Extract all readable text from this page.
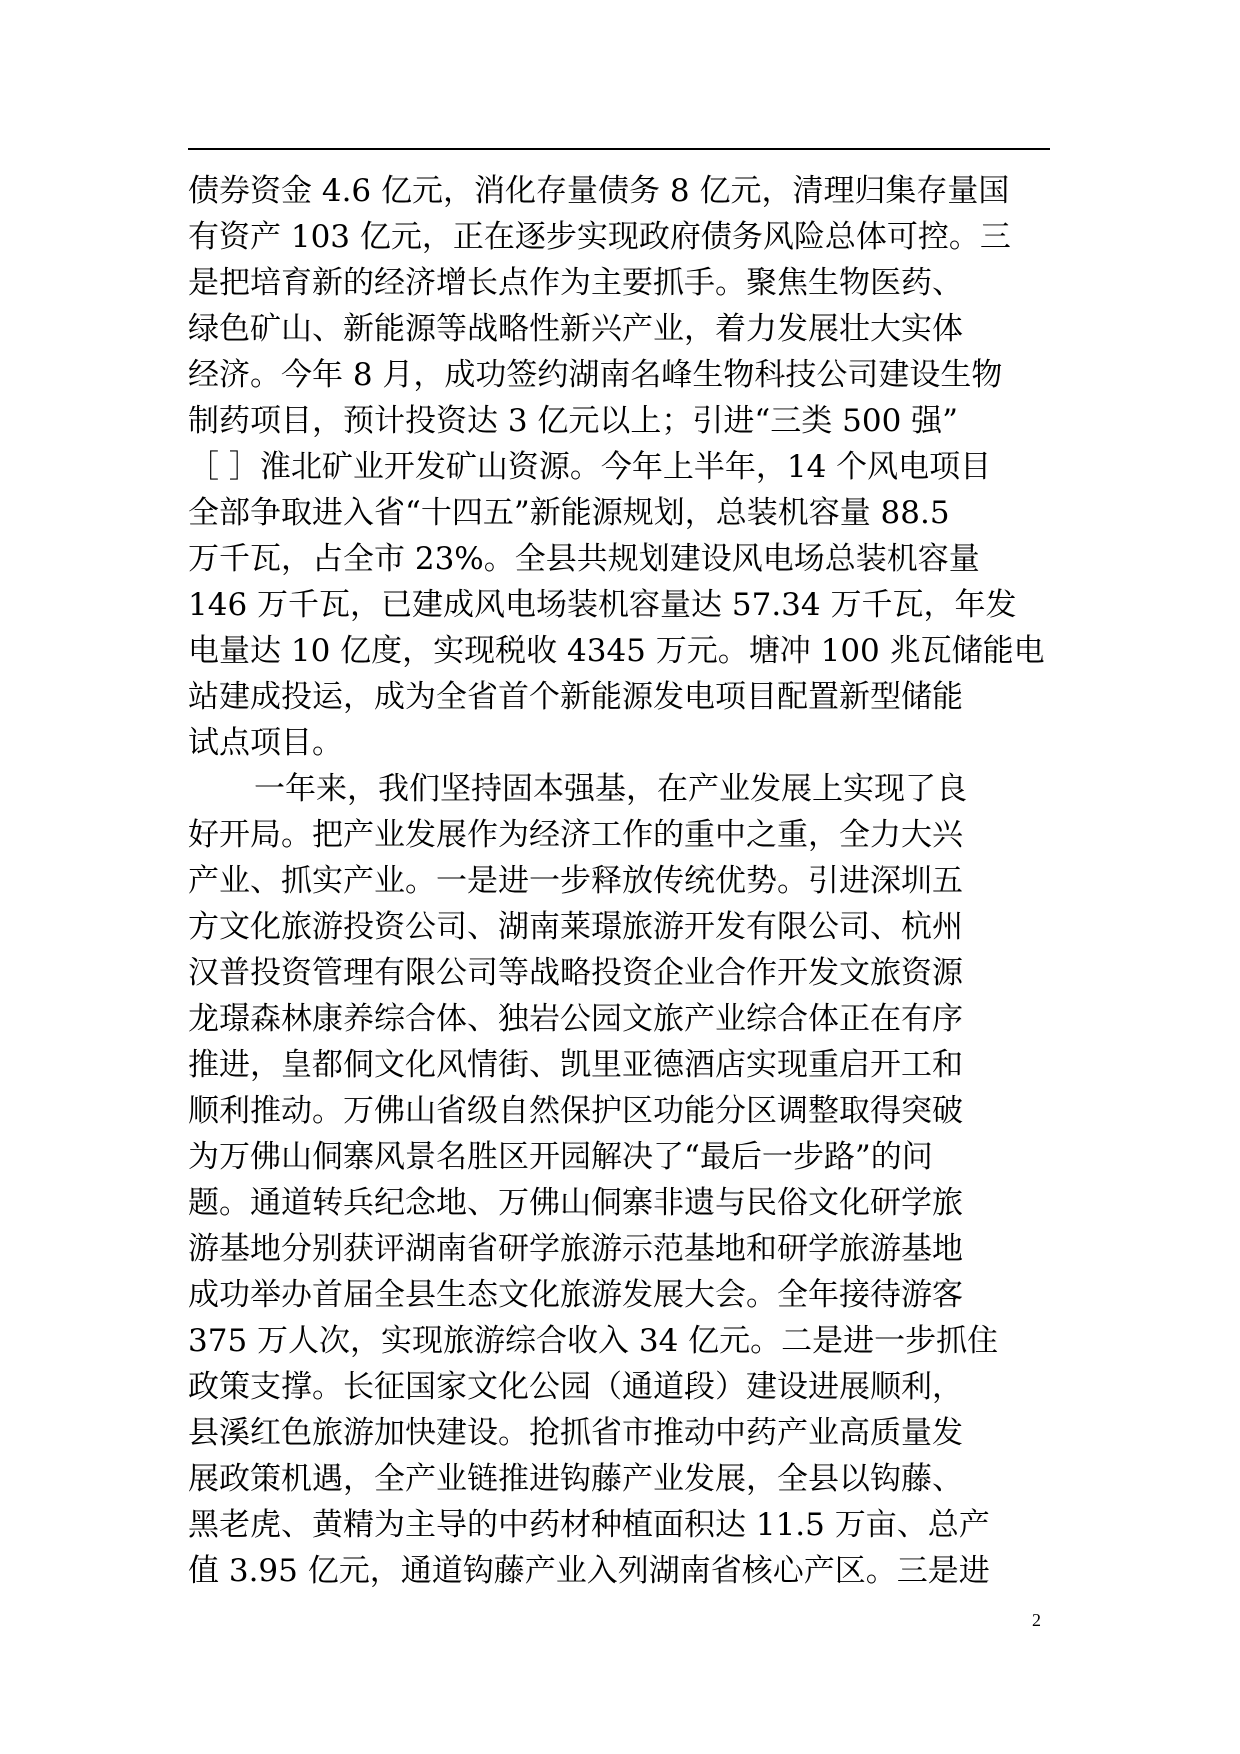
债券资金 4.6 亿元，消化存量债务 8 亿元，清理归集存量国
有资产 103 亿元，正在逐步实现政府债务风险总体可控。三
是把培育新的经济增长点作为主要抓手。聚焦生物医药、
绿色矿山、新能源等战略性新兴产业，着力发展壮大实体
经济。今年 8 月，成功签约湖南名峰生物科技公司建设生物
制药项目，预计投资达 3 亿元以上；引进“三类 500 强”
［ ］淮北矿业开发矿山资源。今年上半年，14 个风电项目
全部争取进入省“十四五”新能源规划，总装机容量 88.5
万千瓦，占全市 23%。全县共规划建设风电场总装机容量
146 万千瓦，已建成风电场装机容量达 57.34 万千瓦，年发
电量达 10 亿度，实现税收 4345 万元。塘冲 100 兆瓦储能电
站建成投运，成为全省首个新能源发电项目配置新型储能
试点项目。
一年来，我们坚持固本强基，在产业发展上实现了良
好开局。把产业发展作为经济工作的重中之重，全力大兴
产业、抓实产业。一是进一步释放传统优势。引进深圳五
方文化旅游投资公司、湖南莱璟旅游开发有限公司、杭州
汉普投资管理有限公司等战略投资企业合作开发文旅资源
龙璟森林康养综合体、独岩公园文旅产业综合体正在有序
推进，皇都侗文化风情街、凯里亚德酒店实现重启开工和
顺利推动。万佛山省级自然保护区功能分区调整取得突破
为万佛山侗寨风景名胜区开园解决了“最后一步路”的问
题。通道转兵纪念地、万佛山侗寨非遗与民俗文化研学旅
游基地分别获评湖南省研学旅游示范基地和研学旅游基地
成功举办首届全县生态文化旅游发展大会。全年接待游客
375 万人次，实现旅游综合收入 34 亿元。二是进一步抓住
政策支撑。长征国家文化公园（通道段）建设进展顺利，
县溪红色旅游加快建设。抢抓省市推动中药产业高质量发
展政策机遇，全产业链推进钩藤产业发展，全县以钩藤、
黑老虎、黄精为主导的中药材种植面积达 11.5 万亩、总产
值 3.95 亿元，通道钩藤产业入列湖南省核心产区。三是进
2
